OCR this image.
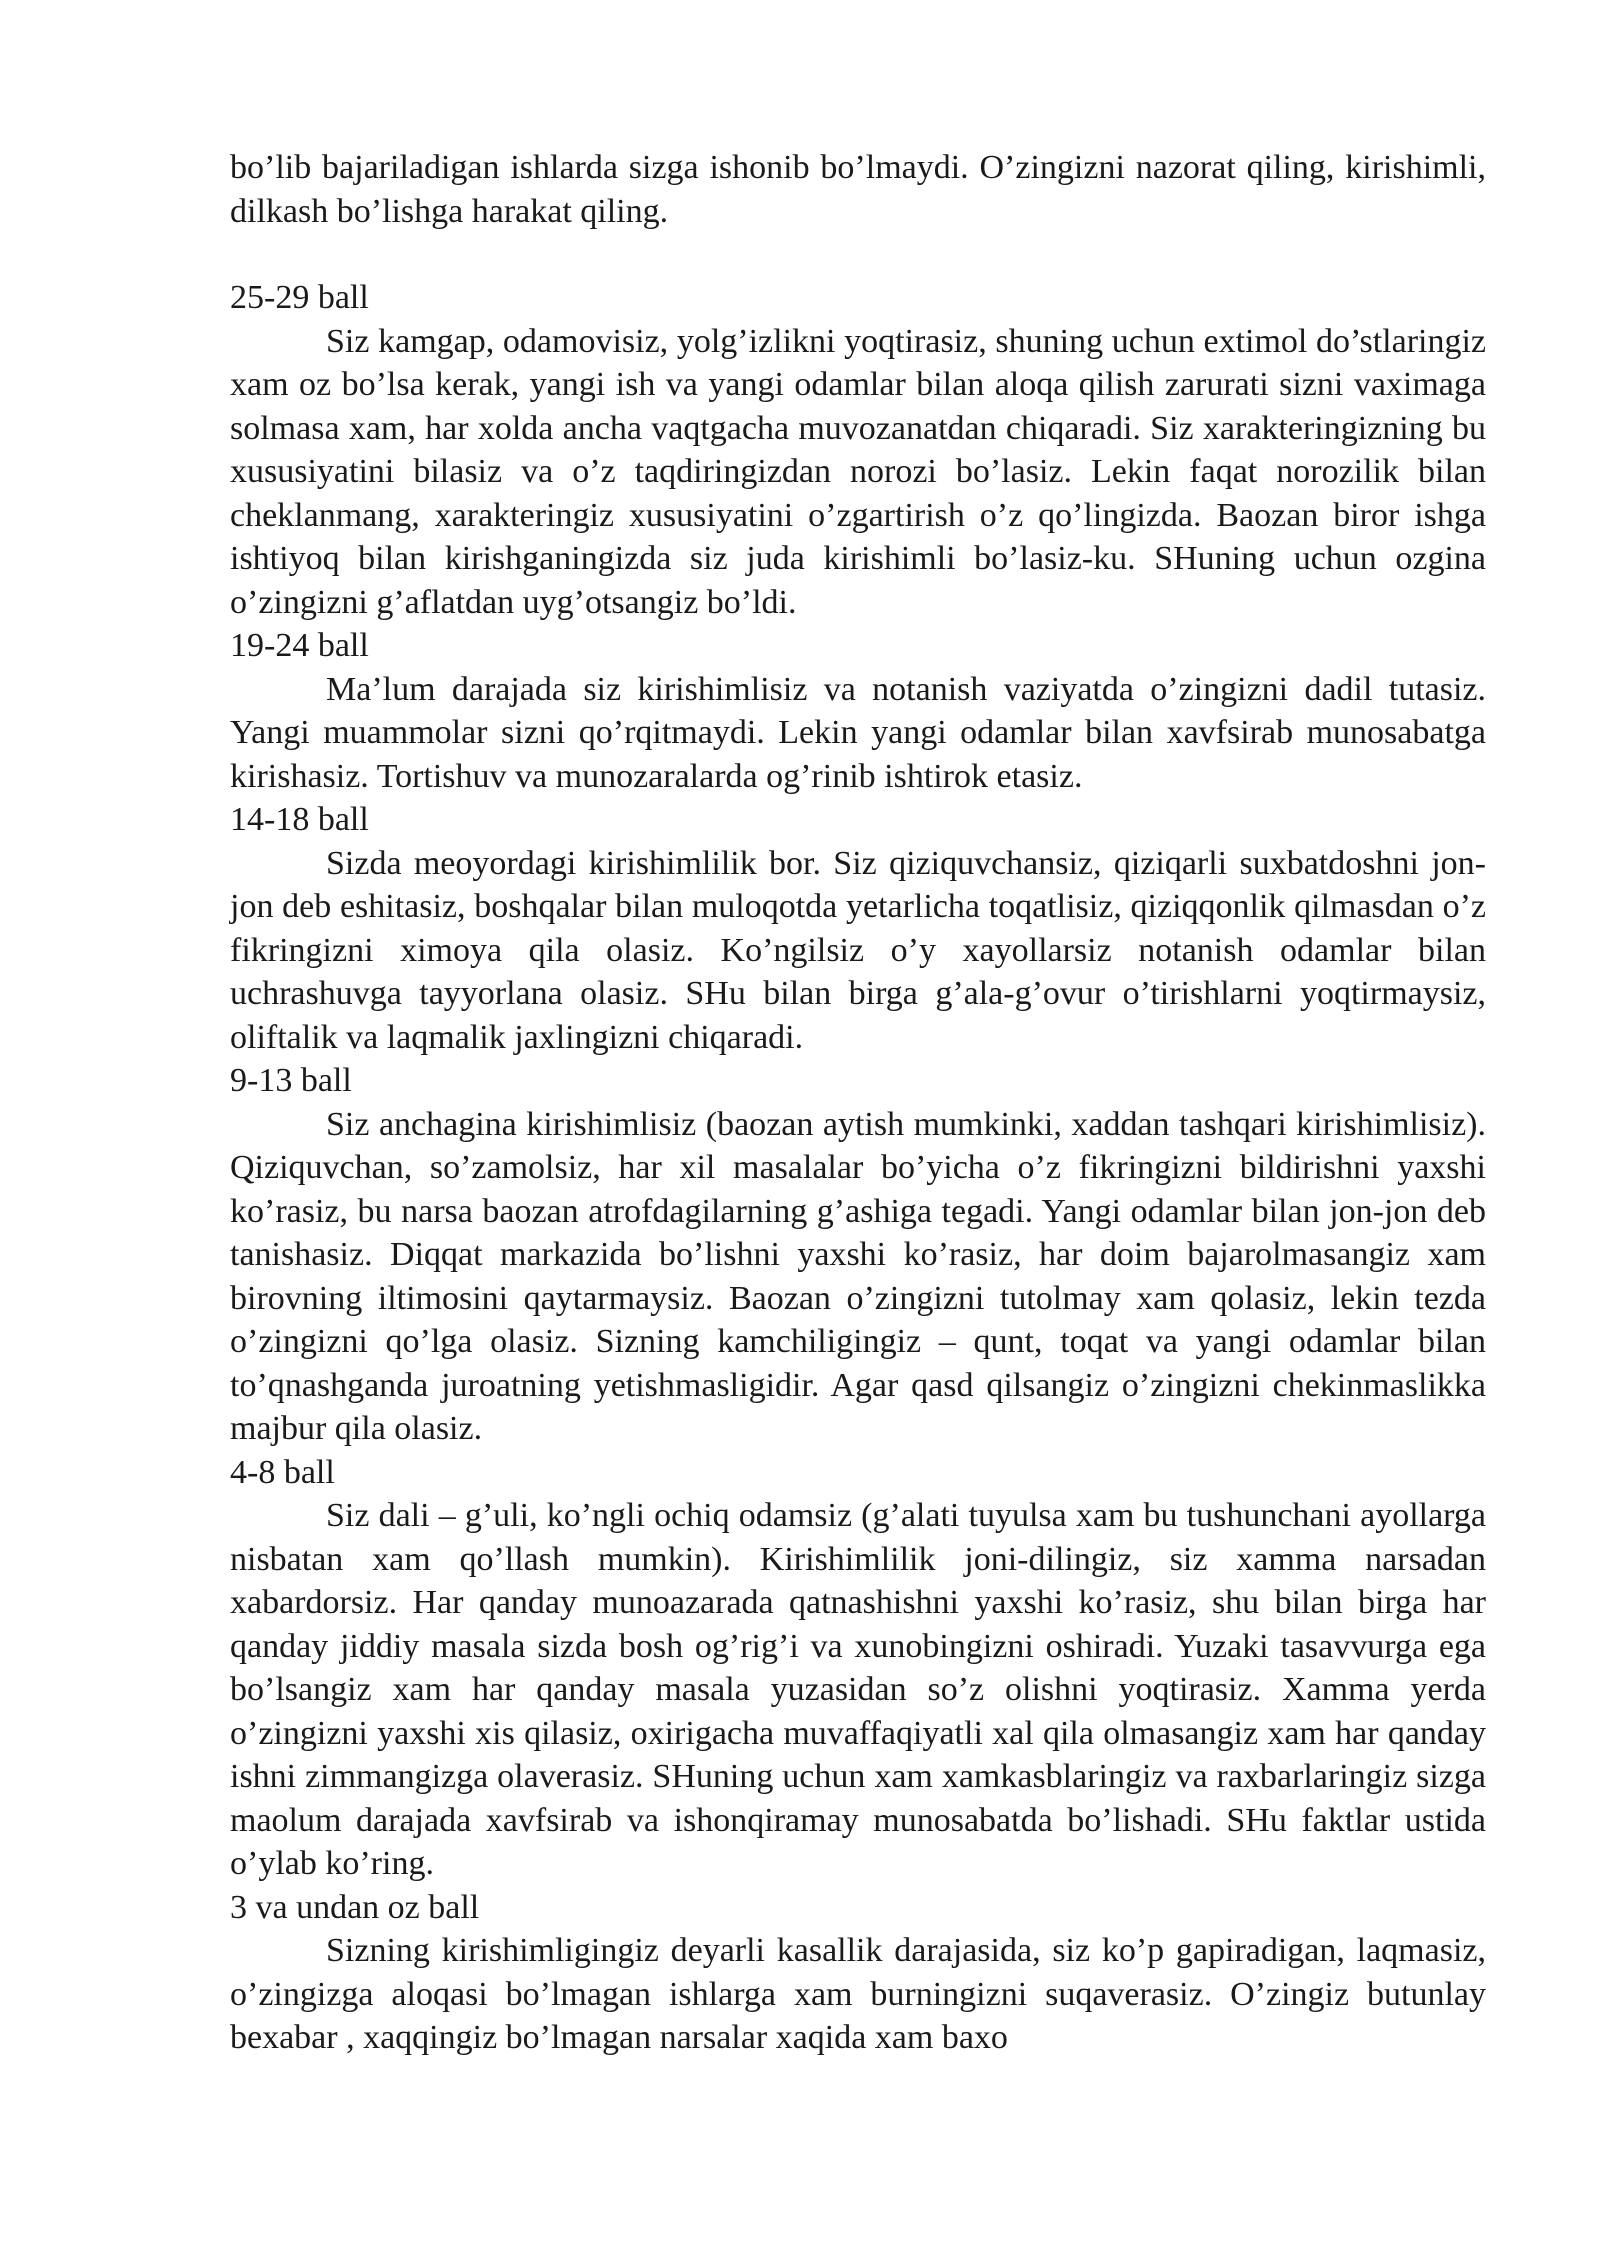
bo’lib bajariladigan ishlarda sizga ishonib bo’lmaydi. O’zingizni nazorat qiling, kirishimli, dilkash bo’lishga harakat qiling.

25-29 ball

Siz kamgap, odamovisiz, yolg’izlikni yoqtirasiz, shuning uchun extimol do’stlaringiz xam oz bo’lsa kerak, yangi ish va yangi odamlar bilan aloqa qilish zarurati sizni vaximaga solmasa xam, har xolda ancha vaqtgacha muvozanatdan chiqaradi. Siz xarakteringizning bu xususiyatini bilasiz va o’z taqdiringizdan norozi bo’lasiz. Lekin faqat norozilik bilan cheklanmang, xarakteringiz xususiyatini o’zgartirish o’z qo’lingizda. Baozan biror ishga ishtiyoq bilan kirishganingizda siz juda kirishimli bo’lasiz-ku. SHuning uchun ozgina o’zingizni g’aflatdan uyg’otsangiz bo’ldi.

19-24 ball

Ma’lum darajada siz kirishimlisiz va notanish vaziyatda o’zingizni dadil tutasiz. Yangi muammolar sizni qo’rqitmaydi. Lekin yangi odamlar bilan xavfsirab munosabatga kirishasiz. Tortishuv va munozaralarda og’rinib ishtirok etasiz.

14-18 ball

Sizda meoyordagi kirishimlilik bor. Siz qiziquvchansiz, qiziqarli suxbatdoshni jon-jon deb eshitasiz, boshqalar bilan muloqotda yetarlicha toqatlisiz, qiziqqonlik qilmasdan o’z fikringizni ximoya qila olasiz. Ko’ngilsiz o’y xayollarsiz notanish odamlar bilan uchrashuvga tayyorlana olasiz. SHu bilan birga g’ala-g’ovur o’tirishlarni yoqtirmaysiz, oliftalik va laqmalik jaxlingizni chiqaradi.

9-13 ball

Siz anchagina kirishimlisiz (baozan aytish mumkinki, xaddan tashqari kirishimlisiz). Qiziquvchan, so’zamolsiz, har xil masalalar bo’yicha o’z fikringizni bildirishni yaxshi ko’rasiz, bu narsa baozan atrofdagilarning g’ashiga tegadi. Yangi odamlar bilan jon-jon deb tanishasiz. Diqqat markazida bo’lishni yaxshi ko’rasiz, har doim bajarolmasangiz xam birovning iltimosini qaytarmaysiz. Baozan o’zingizni tutolmay xam qolasiz, lekin tezda o’zingizni qo’lga olasiz. Sizning kamchiligingiz – qunt, toqat va yangi odamlar bilan to’qnashganda juroatning yetishmasligidir. Agar qasd qilsangiz o’zingizni chekinmaslikka majbur qila olasiz.

4-8 ball

Siz dali – g’uli, ko’ngli ochiq odamsiz (g’alati tuyulsa xam bu tushunchani ayollarga nisbatan xam qo’llash mumkin). Kirishimlilik joni-dilingiz, siz xamma narsadan xabardorsiz. Har qanday munoazarada qatnashishni yaxshi ko’rasiz, shu bilan birga har qanday jiddiy masala sizda bosh og’rig’i va xunobingizni oshiradi. Yuzaki tasavvurga ega bo’lsangiz xam har qanday masala yuzasidan so’z olishni yoqtirasiz. Xamma yerda o’zingizni yaxshi xis qilasiz, oxirigacha muvaffaqiyatli xal qila olmasangiz xam har qanday ishni zimmangizga olaverasiz. SHuning uchun xam xamkasblaringiz va raxbarlaringiz sizga maolum darajada xavfsirab va ishonqiramay munosabatda bo’lishadi. SHu faktlar ustida o’ylab ko’ring.

3 va undan oz ball

Sizning kirishimligingiz deyarli kasallik darajasida, siz ko’p gapiradigan, laqmasiz, o’zingizga aloqasi bo’lmagan ishlarga xam burningizni suqaverasiz. O’zingiz butunlay bexabar , xaqqingiz bo’lmagan narsalar xaqida xam baxo
